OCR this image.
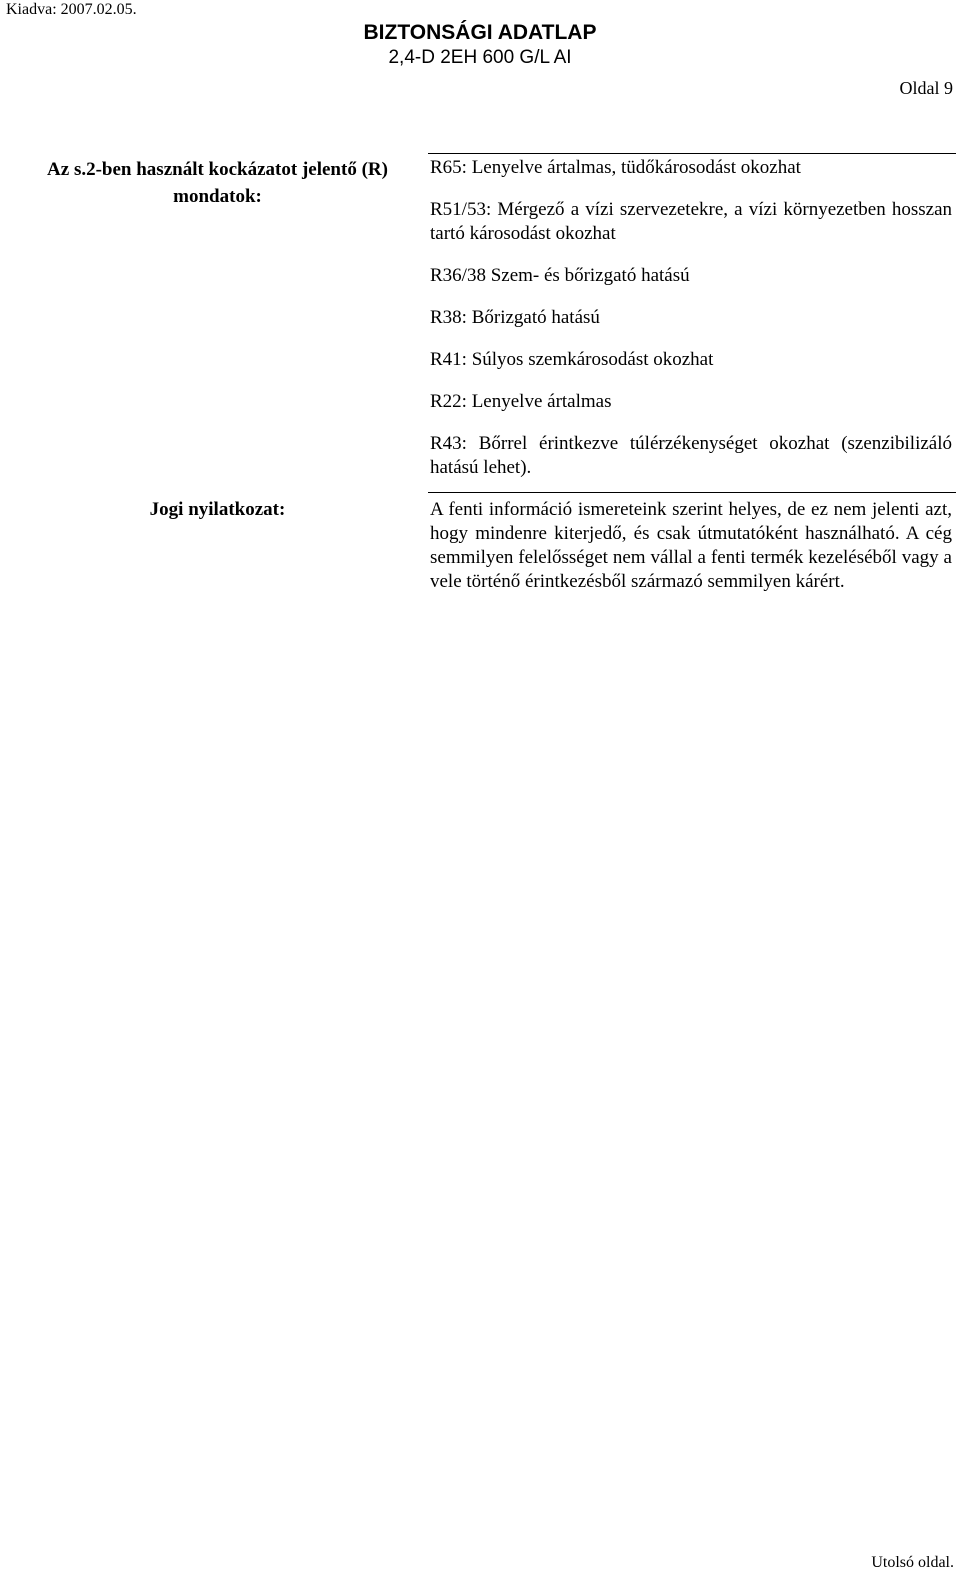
Kiadva: 2007.02.05.
BIZTONSÁGI ADATLAP
2,4-D 2EH 600 G/L AI
Oldal 9
Az s.2-ben használt kockázatot jelentő (R) mondatok:
R65: Lenyelve ártalmas, tüdőkárosodást okozhat
R51/53: Mérgező a vízi szervezetekre, a vízi környezetben hosszan tartó károsodást okozhat
R36/38 Szem- és bőrizgató hatású
R38: Bőrizgató hatású
R41: Súlyos szemkárosodást okozhat
R22: Lenyelve ártalmas
R43: Bőrrel érintkezve túlérzékenységet okozhat (szenzibilizáló hatású lehet).
Jogi nyilatkozat:	A fenti információ ismereteink szerint helyes, de ez nem jelenti azt, hogy mindenre kiterjedő, és csak útmutatóként használható. A cég semmilyen felelősséget nem vállal a fenti termék kezeléséből vagy a vele történő érintkezésből származó semmilyen kárért.
Utolsó oldal.
